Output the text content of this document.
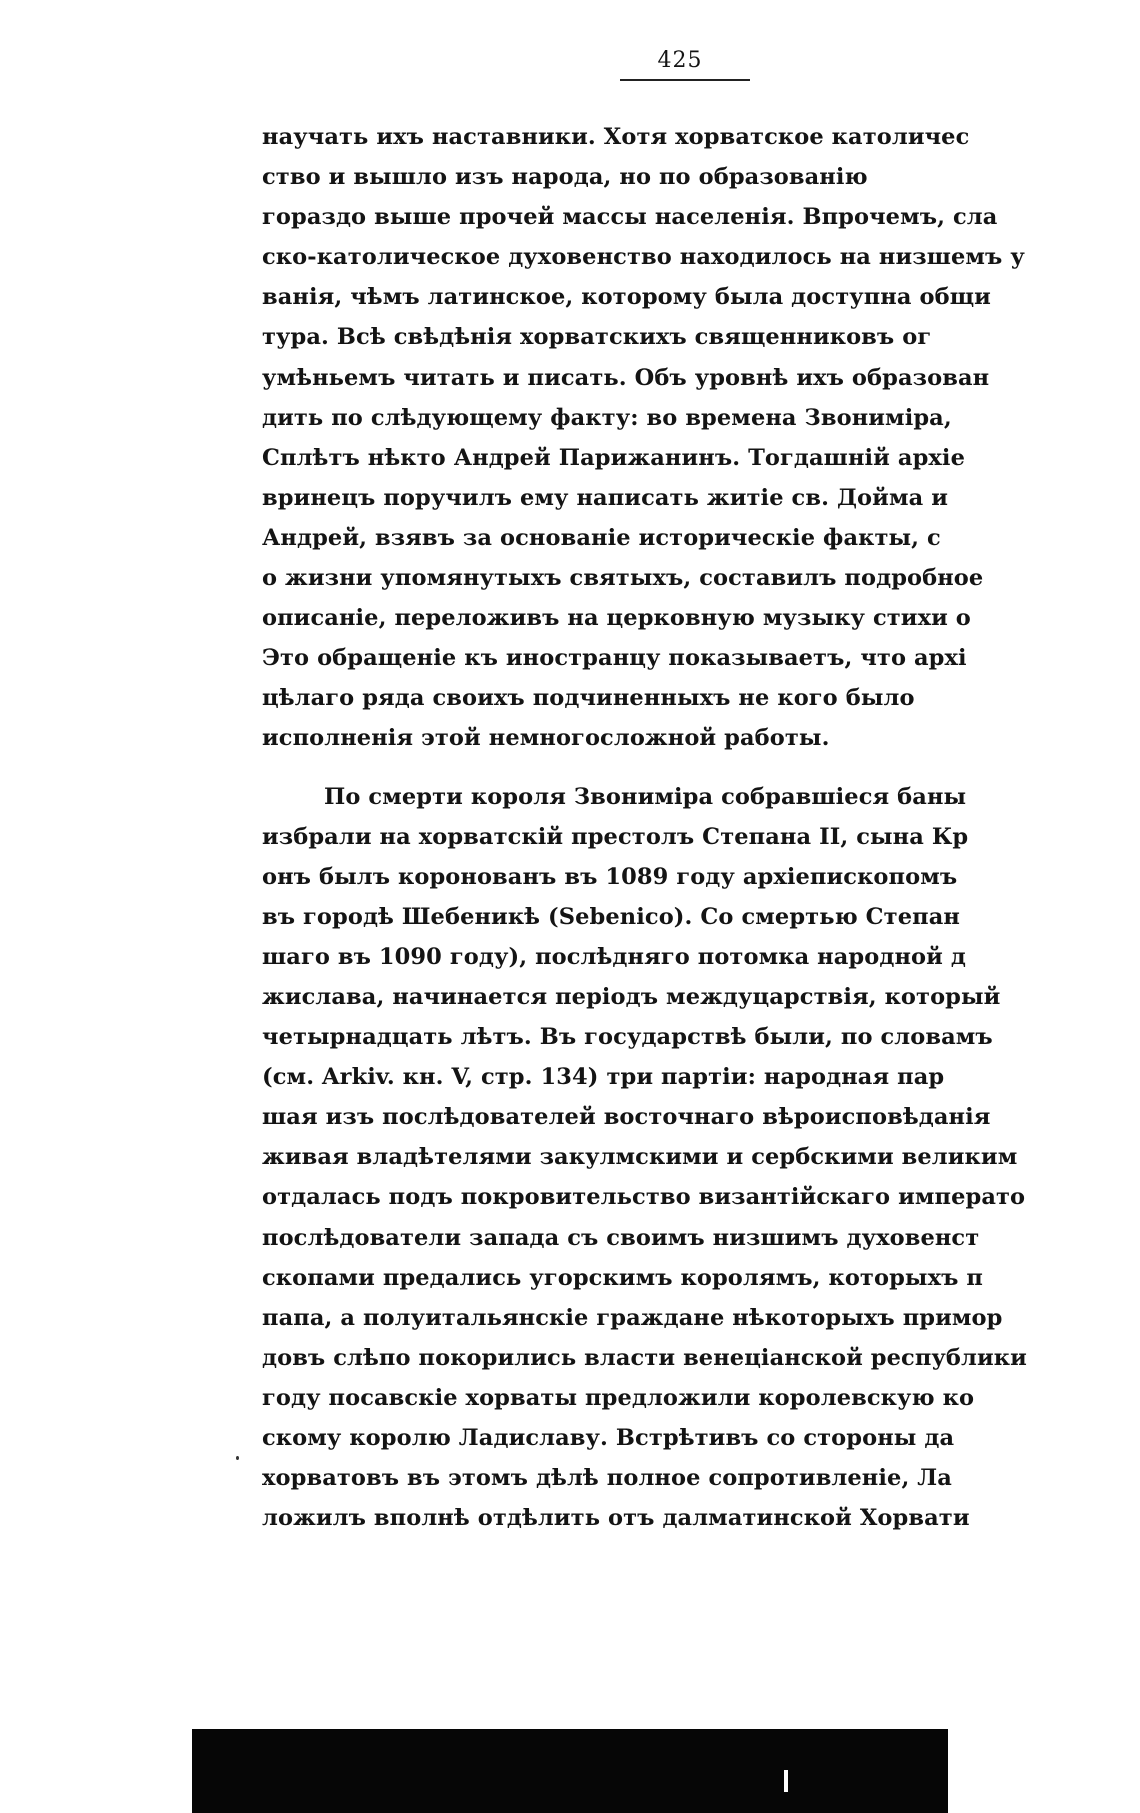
425
научать ихъ наставники. Хотя хорватское католичес
ство и вышло изъ народа, но по образованію
гораздо выше прочей массы населенія. Впрочемъ, сла
ско-католическое духовенство находилось на низшемъ у
ванія, чѣмъ латинское, которому была доступна общи
тура. Всѣ свѣдѣнія хорватскихъ священниковъ ог
умѣньемъ читать и писать. Объ уровнѣ ихъ образован
дить по слѣдующему факту: во времена Звониміра,
Сплѣтъ нѣкто Андрей Парижанинъ. Тогдашній архіе
вринецъ поручилъ ему написать житіе св. Дойма и
Андрей, взявъ за основаніе историческіе факты, с
о жизни упомянутыхъ святыхъ, составилъ подробное
описаніе, переложивъ на церковную музыку стихи о
Это обращеніе къ иностранцу показываетъ, что архі
цѣлаго ряда своихъ подчиненныхъ не кого было
исполненія этой немногосложной работы.
По смерти короля Звониміра собравшіеся баны
избрали на хорватскій престолъ Степана II, сына Кр
онъ былъ коронованъ въ 1089 году архіепископомъ
въ городѣ Шебеникѣ (Sebenico). Со смертью Степан
шаго въ 1090 году), послѣдняго потомка народной д
жислава, начинается періодъ междуцарствія, который
четырнадцать лѣтъ. Въ государствѣ были, по словамъ
(см. Arkiv. кн. V, стр. 134) три партіи: народная пар
шая изъ послѣдователей восточнаго вѣроисповѣданія
живая владѣтелями закулмскими и сербскими великим
отдалась подъ покровительство византійскаго императо
послѣдователи запада съ своимъ низшимъ духовенст
скопами предались угорскимъ королямъ, которыхъ п
папа, а полуитальянскіе граждане нѣкоторыхъ примор
довъ слѣпо покорились власти венеціанской республики
году посавскіе хорваты предложили королевскую ко
скому королю Ладиславу. Встрѣтивъ со стороны да
хорватовъ въ этомъ дѣлѣ полное сопротивленіе, Ла
ложилъ вполнѣ отдѣлить отъ далматинской Хорвати
